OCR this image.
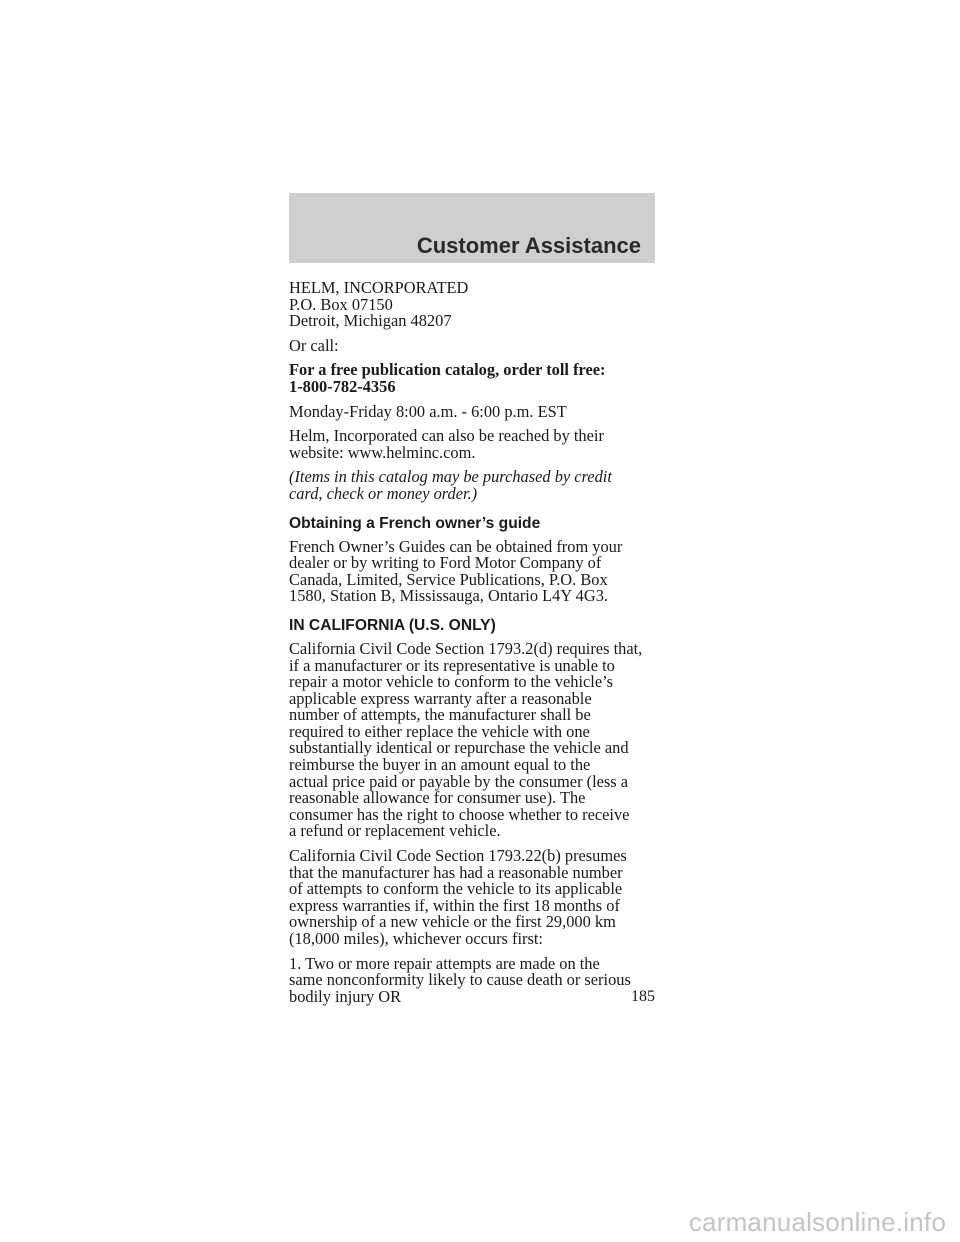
Customer Assistance

HELM, INCORPORATED
P.O. Box 07150
Detroit, Michigan 48207

Or call:

For a free publication catalog, order toll free:
1-800-782-4356

Monday-Friday 8:00 a.m. - 6:00 p.m. EST

Helm, Incorporated can also be reached by their
website: www.helminc.com.

(Items in this catalog may be purchased by credit
card, check or money order.)

Obtaining a French owner’s guide

French Owner’s Guides can be obtained from your
dealer or by writing to Ford Motor Company of
Canada, Limited, Service Publications, P.O. Box
1580, Station B, Mississauga, Ontario L4Y 4G3.

IN CALIFORNIA (U.S. ONLY)

California Civil Code Section 1793.2(d) requires that,
if a manufacturer or its representative is unable to
repair a motor vehicle to conform to the vehicle’s
applicable express warranty after a reasonable
number of attempts, the manufacturer shall be
required to either replace the vehicle with one
substantially identical or repurchase the vehicle and
reimburse the buyer in an amount equal to the
actual price paid or payable by the consumer (less a
reasonable allowance for consumer use). The
consumer has the right to choose whether to receive
a refund or replacement vehicle.

California Civil Code Section 1793.22(b) presumes
that the manufacturer has had a reasonable number
of attempts to conform the vehicle to its applicable
express warranties if, within the first 18 months of
ownership of a new vehicle or the first 29,000 km
(18,000 miles), whichever occurs first:

1. Two or more repair attempts are made on the
same nonconformity likely to cause death or serious
bodily injury OR	185
carmanualsonline.info
